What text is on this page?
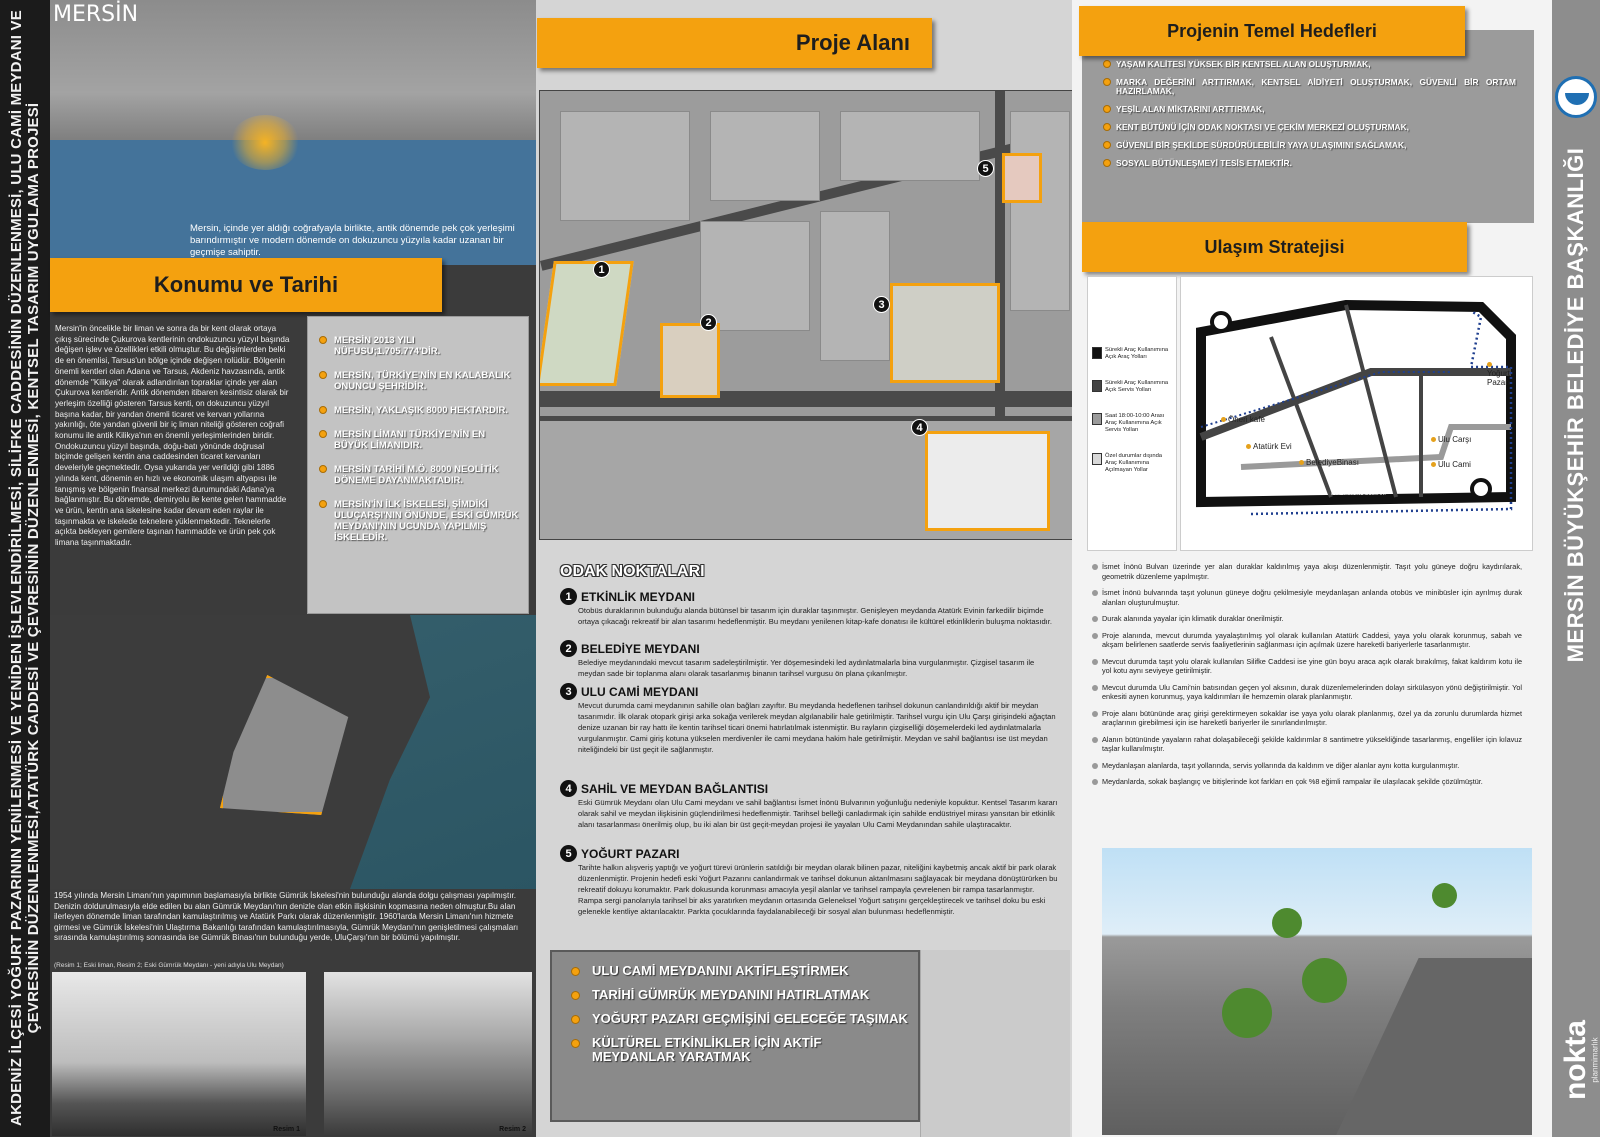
AKDENİZ İLÇESİ YOĞURT PAZARININ YENİLENMESİ VE YENİDEN İŞLEVLENDİRİLMESİ, SİLİFKE CADDESİNİN DÜZENLENMESİ, ULU CAMİ MEYDANI VE ÇEVRESİNİN DÜZENLENMESİ,ATATÜRK CADDESİ VE ÇEVRESİNİN DÜZENLENMESİ, KENTSEL TASARIM UYGULAMA PROJESİ
MERSİN
Mersin, içinde yer aldığı coğrafyayla birlikte, antik dönemde pek çok yerleşimi barındırmıştır ve modern dönemde on dokuzuncu yüzyıla kadar uzanan bir geçmişe sahiptir.
Konumu ve Tarihi
Mersin'in öncelikle bir liman ve sonra da bir kent olarak ortaya çıkış sürecinde Çukurova kentlerinin ondokuzuncu yüzyıl başında değişen işlev ve özellikleri etkili olmuştur. Bu değişimlerden belki de en önemlisi, Tarsus'un bölge içinde değişen rolüdür. Bölgenin önemli kentleri olan Adana ve Tarsus, Akdeniz havzasında, antik dönemde "Kilikya" olarak adlandırılan topraklar içinde yer alan Çukurova kentleridir. Antik dönemden itibaren kesintisiz olarak bir yerleşim özelliği gösteren Tarsus kenti, on dokuzuncu yüzyıl başına kadar, bir yandan önemli ticaret ve kervan yollarına yakınlığı, öte yandan güvenli bir iç liman niteliği gösteren coğrafi konumu ile antik Kilikya'nın en önemli yerleşimlerinden biridir. Ondokuzuncu yüzyıl başında, doğu-batı yönünde doğrusal biçimde gelişen kentin ana caddesinden ticaret kervanları develeriyle geçmektedir. Oysa yukarıda yer verildiği gibi 1886 yılında kent, dönemin en hızlı ve ekonomik ulaşım altyapısı ile tanışmış ve bölgenin finansal merkezi durumundaki Adana'ya bağlanmıştır. Bu dönemde, demiryolu ile kente gelen hammadde ve ürün, kentin ana iskelesine kadar devam eden raylar ile taşınmakta ve iskelede teknelere yüklenmektedir. Teknelerle açıkta bekleyen gemilere taşınan hammadde ve ürün pek çok limana taşınmaktadır.
MERSİN 2013 YILI NÜFUSU;1.705.774'DİR.
MERSİN, TÜRKİYE'NİN EN KALABALIK ONUNCU ŞEHRİDİR.
MERSİN, YAKLAŞIK 8000 HEKTARDIR.
MERSİN LİMANI TÜRKİYE'NİN EN BÜYÜK LİMANIDIR.
MERSİN TARİHİ M.Ö. 8000 NEOLİTİK DÖNEME DAYANMAKTADIR.
MERSİN'İN İLK İSKELESİ, ŞİMDİKİ ULUÇARŞI'NIN ÖNÜNDE, ESKİ GÜMRÜK MEYDANI'NIN UCUNDA YAPILMIŞ İSKELEDİR.
1954 yılında Mersin Limanı'nın yapımının başlamasıyla birlikte Gümrük İskelesi'nin bulunduğu alanda dolgu çalışması yapılmıştır. Denizin doldurulmasıyla elde edilen bu alan Gümrük Meydanı'nın denizle olan etkin ilişkisinin kopmasına neden olmuştur.Bu alan ilerleyen dönemde liman tarafından kamulaştırılmış ve Atatürk Parkı olarak düzenlenmiştir. 1960'larda Mersin Limanı'nın hizmete girmesi ve Gümrük İskelesi'nin Ulaştırma Bakanlığı tarafından kamulaştırılmasıyla, Gümrük Meydanı'nın genişletilmesi çalışmaları sırasında kamulaştırılmış sonrasında ise Gümrük Binası'nın bulunduğu yerde, UluÇarşı'nın bir bölümü yapılmıştır.
(Resim 1; Eski liman, Resim 2; Eski Gümrük Meydanı - yeni adıyla Ulu Meydan)
Resim 1	Resim 2
Proje Alanı
1
2
3
4
5
ODAK NOKTALARI
1 ETKİNLİK MEYDANI
Otobüs duraklarının bulunduğu alanda bütünsel bir tasarım için duraklar taşınmıştır. Genişleyen meydanda Atatürk Evinin farkedilir biçimde ortaya çıkacağı rekreatif bir alan tasarımı hedeflenmiştir. Bu meydanı yenilenen kitap-kafe donatısı ile kültürel etkinliklerin buluşma noktasıdır.
2 BELEDİYE MEYDANI
Belediye meydanındaki mevcut tasarım sadeleştirilmiştir. Yer döşemesindeki led aydınlatmalarla bina vurgulanmıştır. Çizgisel tasarım ile meydan sade bir toplanma alanı olarak tasarlanmış binanın tarihsel vurgusu ön plana çıkarılmıştır.
3 ULU CAMİ MEYDANI
Mevcut durumda cami meydanının sahille olan bağları zayıftır. Bu meydanda hedeflenen tarihsel dokunun canlandırıldığı aktif bir meydan tasarımıdır. İlk olarak otopark girişi arka sokağa verilerek meydan algılanabilir hale getirilmiştir. Tarihsel vurgu için Ulu Çarşı girişindeki ağaçtan denize uzanan bir ray hattı ile kentin tarihsel ticari önemi hatırlatılmak istenmiştir. Bu rayların çizgiselliği döşemelerdeki led aydınlatmalarla vurgulanmıştır. Cami giriş kotuna yükselen merdivenler ile cami meydana hakim hale getirilmiştir. Meydan ve sahil bağlantısı ise üst meydan niteliğindeki bir üst geçit ile sağlanmıştır.
4 SAHİL VE MEYDAN BAĞLANTISI
Eski Gümrük Meydanı olan Ulu Cami meydanı ve sahil bağlantısı İsmet İnönü Bulvarının yoğunluğu nedeniyle kopuktur. Kentsel Tasarım kararı olarak sahil ve meydan ilişkisinin güçlendirilmesi hedeflenmiştir. Tarihsel belleği canladırmak için sahilde endüstriyel mirası yansıtan bir etkinlik alanı tasarlanması önerilmiş olup, bu iki alan bir üst geçit-meydan projesi ile yayaları Ulu Cami Meydanından sahile ulaştıracaktır.
5 YOĞURT PAZARI
Tarihte halkın alışveriş yaptığı ve yoğurt türevi ürünlerin satıldığı bir meydan olarak bilinen pazar, niteliğini kaybetmiş ancak aktif bir park olarak düzenlenmiştir. Projenin hedefi eski Yoğurt Pazarını canlandırmak ve tarihsel dokunun aktarılmasını sağlayacak bir meydana dönüştürürken bu rekreatif dokuyu korumaktır. Park dokusunda korunması amacıyla yeşil alanlar ve tarihsel rampayla çevrelenen bir rampa tasarlanmıştır. Rampa sergi panolarıyla tarihsel bir aks yaratırken meydanın ortasında Geleneksel Yoğurt satışını gerçekleştirecek ve tarihsel doku bu eski gelenekle kentliye aktarılacaktır. Parkta çocuklarında faydalanabileceği bir sosyal alan bulunması hedeflenmiştir.
ULU CAMİ MEYDANINI AKTİFLEŞTİRMEK
TARİHİ GÜMRÜK MEYDANINI HATIRLATMAK
YOĞURT PAZARI GEÇMİŞİNİ GELECEĞE TAŞIMAK
KÜLTÜREL ETKİNLİKLER İÇİN AKTİF MEYDANLAR YARATMAK
YAŞAM KALİTESİ YÜKSEK BİR KENTSEL ALAN OLUŞTURMAK,
MARKA DEĞERİNİ ARTTIRMAK, KENTSEL AİDİYETİ OLUŞTURMAK, GÜVENLİ BİR ORTAM HAZIRLAMAK,
YEŞİL ALAN MİKTARINI ARTTIRMAK,
KENT BÜTÜNÜ İÇİN ODAK NOKTASI VE ÇEKİM MERKEZİ OLUŞTURMAK,
GÜVENLİ BİR ŞEKİLDE SÜRDÜRÜLEBİLİR YAYA ULAŞIMINI SAĞLAMAK,
SOSYAL BÜTÜNLEŞMEYİ TESİS ETMEKTİR.
Projenin Temel Hedefleri
Ulaşım Stratejisi
Sürekli Araç Kullanımına Açık Araç Yolları
Sürekli Araç Kullanımına Açık Servis Yolları
Saat 18:00-10:00 Arası Araç Kullanımına Açık Servis Yolları
Özel durumlar dışında Araç Kullanımına Açılmayan Yollar
Öneri kafe
Atatürk Evi
BelediyeBinası
Ulu Carşı
Ulu Cami
Yoğurt Pazarı
İSMET İNÖNÜ BULVARI
İsmet İnönü Bulvarı üzerinde yer alan duraklar kaldırılmış yaya akışı düzenlenmiştir. Taşıt yolu güneye doğru kaydırılarak, geometrik düzenleme yapılmıştır.
İsmet İnönü bulvarında taşıt yolunun güneye doğru çekilmesiyle meydanlaşan anlanda otobüs ve minibüsler için ayrılmış durak alanları oluşturulmuştur.
Durak alanında yayalar için klimatik duraklar önerilmiştir.
Proje alanında, mevcut durumda yayalaştırılmış yol olarak kullanılan Atatürk Caddesi, yaya yolu olarak korunmuş, sabah ve akşam belirlenen saatlerde servis faaliyetlerinin sağlanması için açılmak üzere hareketli bariyerlerle tasarlanmıştır.
Mevcut durumda taşıt yolu olarak kullanılan Silifke Caddesi ise yine gün boyu araca açık olarak bırakılmış, fakat kaldırım kotu ile yol kotu aynı seviyeye getirilmiştir.
Mevcut durumda Ulu Cami'nin batısından geçen yol aksının, durak düzenlemelerinden dolayı sirkülasyon yönü değiştirilmiştir. Yol enkesiti aynen korunmuş, yaya kaldırımları ile hemzemin olarak planlanmıştır.
Proje alanı bütününde araç girişi gerektirmeyen sokaklar ise yaya yolu olarak planlanmış, özel ya da zorunlu durumlarda hizmet araçlarının girebilmesi için ise hareketli bariyerler ile sınırlandırılmıştır.
Alanın bütününde yayaların rahat dolaşabileceği şekilde kaldırımlar 8 santimetre yüksekliğinde tasarlanmış, engelliler için kılavuz taşlar kullanılmıştır.
Meydanlaşan alanlarda, taşıt yollarında, servis yollarında da kaldırım ve diğer alanlar aynı kotta kurgulanmıştır.
Meydanlarda, sokak başlangıç ve bitişlerinde kot farkları en çok %8 eğimli rampalar ile ulaşılacak şekilde çözülmüştür.
MERSİN BÜYÜKŞEHİR BELEDİYE BAŞKANLIĞI
nokta
planmimarlık
